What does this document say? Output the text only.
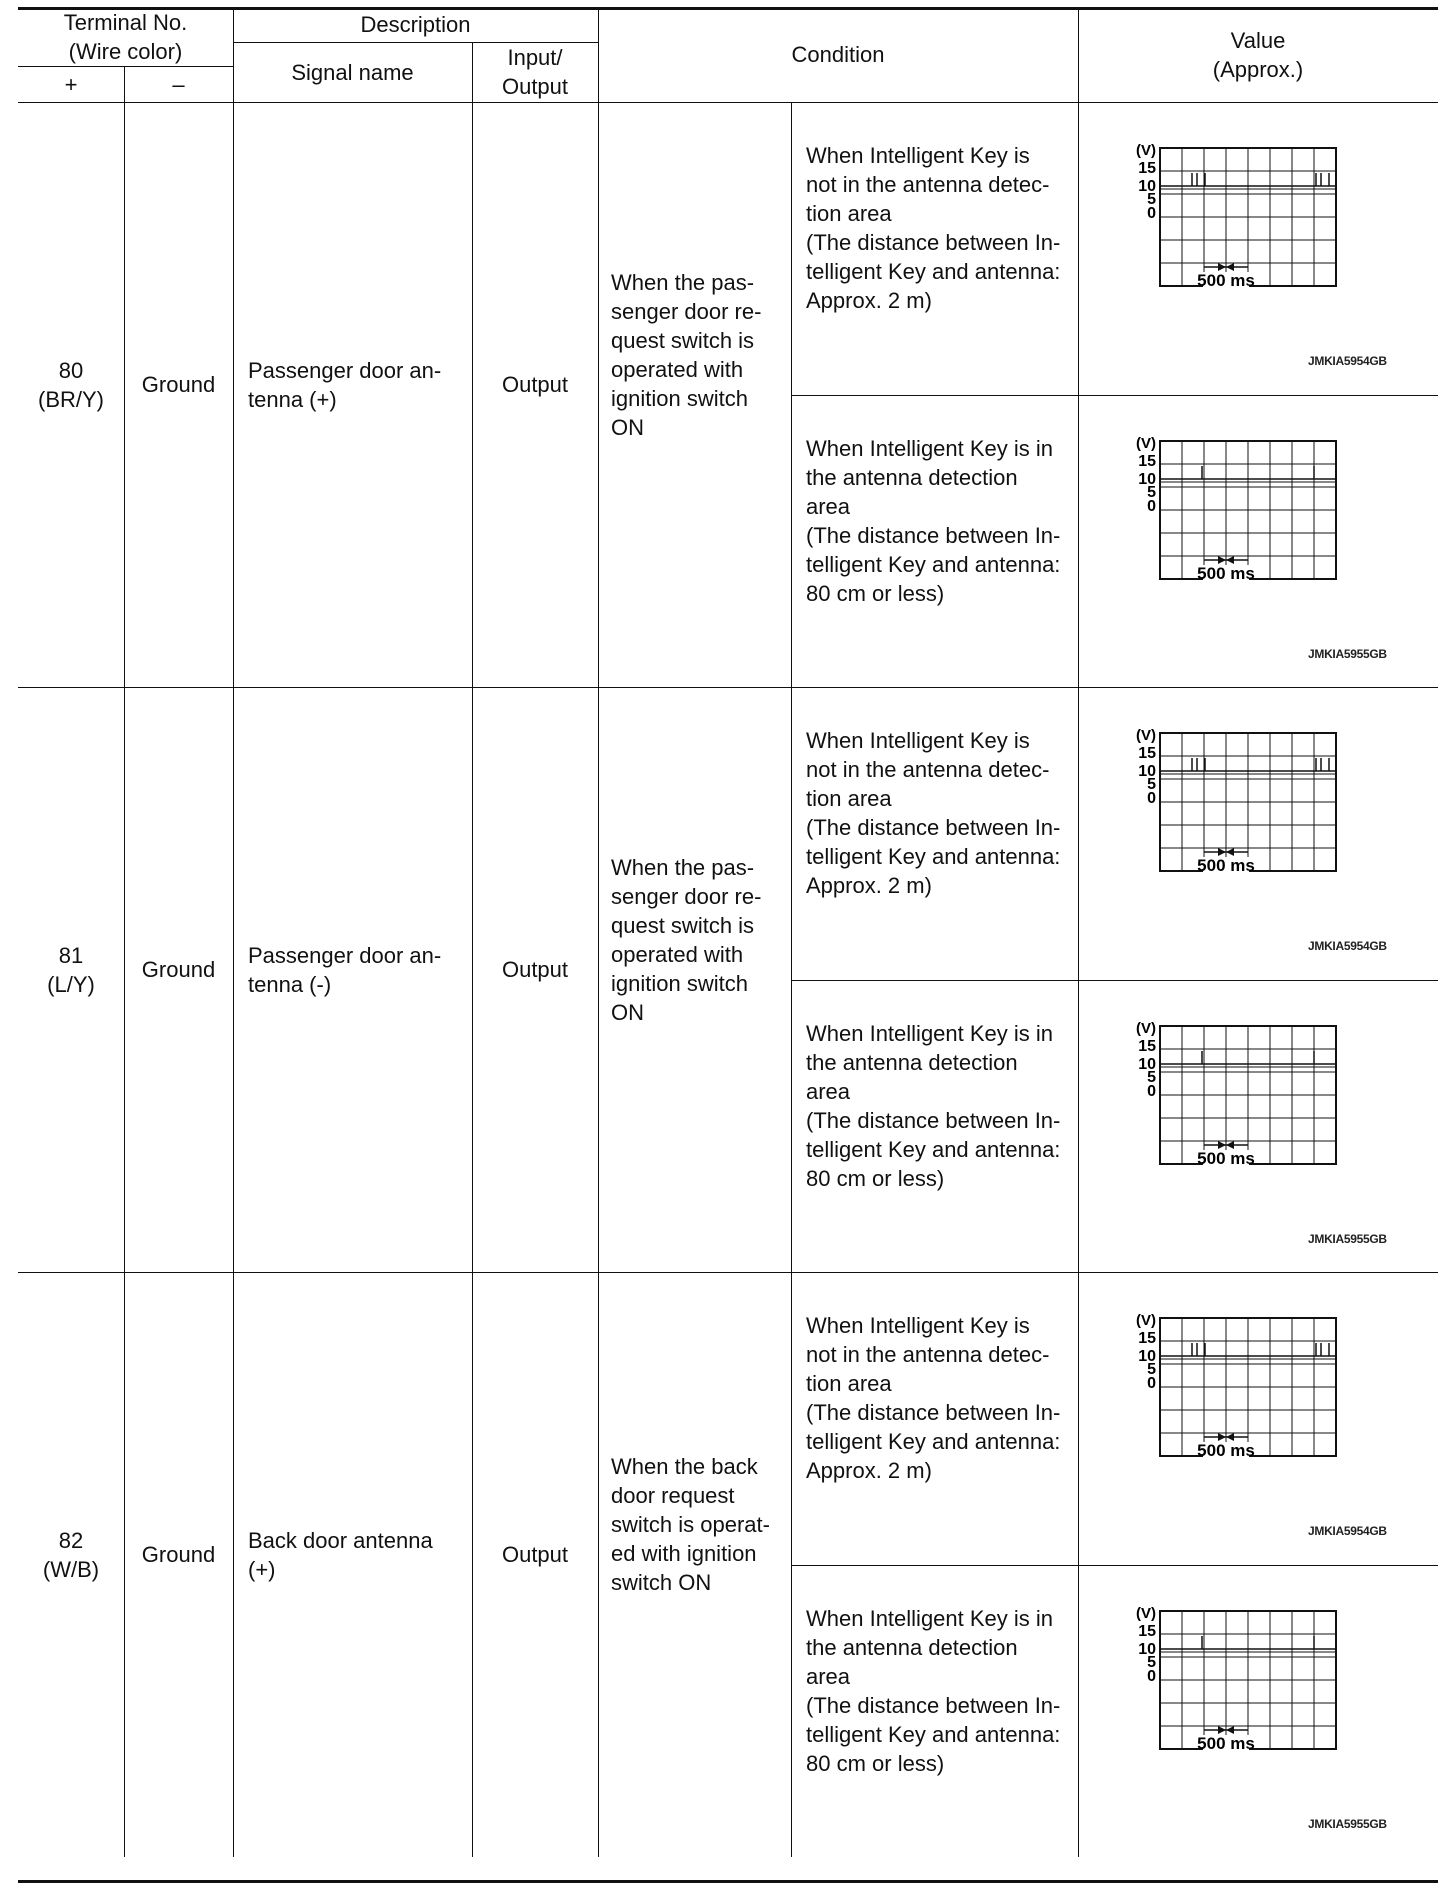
Terminal No.
(Wire color)
+	–
Description
Signal name
Input/
Output
Condition
Value
(Approx.)
80
(BR/Y)
Ground
Passenger door an-
tenna (+)
Output
When the pas-
senger door re-
quest switch is
operated with
ignition switch
ON
When Intelligent Key is
not in the antenna detec-
tion area
(The distance between In-
telligent Key and antenna:
Approx. 2 m)
(V)
15
10
5
0
500 ms
JMKIA5954GB
When Intelligent Key is in
the antenna detection
area
(The distance between In-
telligent Key and antenna:
80 cm or less)
(V)
15
10
5
0
500 ms
JMKIA5955GB
81
(L/Y)
Ground
Passenger door an-
tenna (-)
Output
When the pas-
senger door re-
quest switch is
operated with
ignition switch
ON
When Intelligent Key is
not in the antenna detec-
tion area
(The distance between In-
telligent Key and antenna:
Approx. 2 m)
(V)
15
10
5
0
500 ms
JMKIA5954GB
When Intelligent Key is in
the antenna detection
area
(The distance between In-
telligent Key and antenna:
80 cm or less)
(V)
15
10
5
0
500 ms
JMKIA5955GB
82
(W/B)
Ground
Back door antenna
(+)
Output
When the back
door request
switch is operat-
ed with ignition
switch ON
When Intelligent Key is
not in the antenna detec-
tion area
(The distance between In-
telligent Key and antenna:
Approx. 2 m)
(V)
15
10
5
0
500 ms
JMKIA5954GB
When Intelligent Key is in
the antenna detection
area
(The distance between In-
telligent Key and antenna:
80 cm or less)
(V)
15
10
5
0
500 ms
JMKIA5955GB
